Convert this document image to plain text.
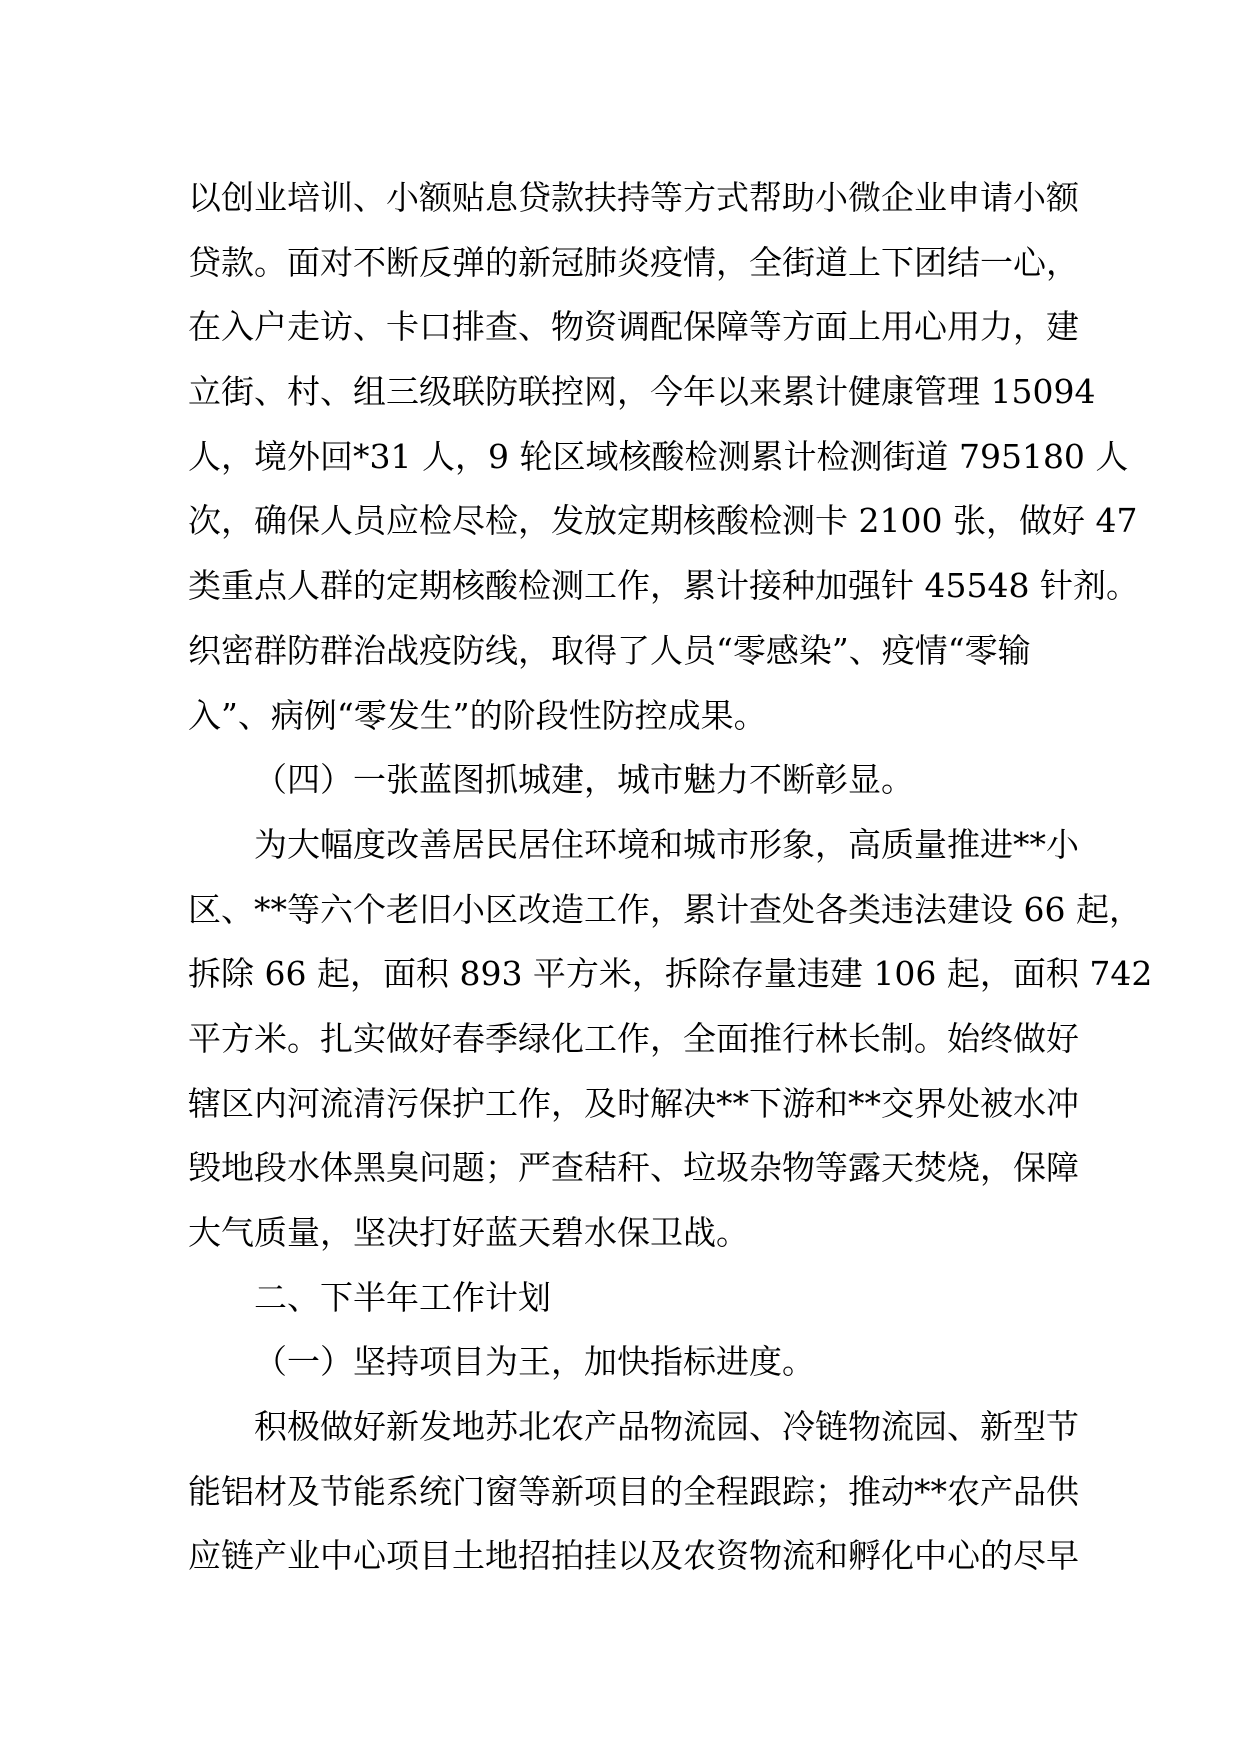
以创业培训、小额贴息贷款扶持等方式帮助小微企业申请小额
贷款。面对不断反弹的新冠肺炎疫情，全街道上下团结一心，
在入户走访、卡口排查、物资调配保障等方面上用心用力，建
立街、村、组三级联防联控网，今年以来累计健康管理 15094
人，境外回*31 人，9 轮区域核酸检测累计检测街道 795180 人
次，确保人员应检尽检，发放定期核酸检测卡 2100 张，做好 47
类重点人群的定期核酸检测工作，累计接种加强针 45548 针剂。
织密群防群治战疫防线，取得了人员“零感染”、疫情“零输
入”、病例“零发生”的阶段性防控成果。
（四）一张蓝图抓城建，城市魅力不断彰显。
为大幅度改善居民居住环境和城市形象，高质量推进**小
区、**等六个老旧小区改造工作，累计查处各类违法建设 66 起，
拆除 66 起，面积 893 平方米，拆除存量违建 106 起，面积 742
平方米。扎实做好春季绿化工作，全面推行林长制。始终做好
辖区内河流清污保护工作，及时解决**下游和**交界处被水冲
毁地段水体黑臭问题；严查秸秆、垃圾杂物等露天焚烧，保障
大气质量，坚决打好蓝天碧水保卫战。
二、下半年工作计划
（一）坚持项目为王，加快指标进度。
积极做好新发地苏北农产品物流园、冷链物流园、新型节
能铝材及节能系统门窗等新项目的全程跟踪；推动**农产品供
应链产业中心项目土地招拍挂以及农资物流和孵化中心的尽早
